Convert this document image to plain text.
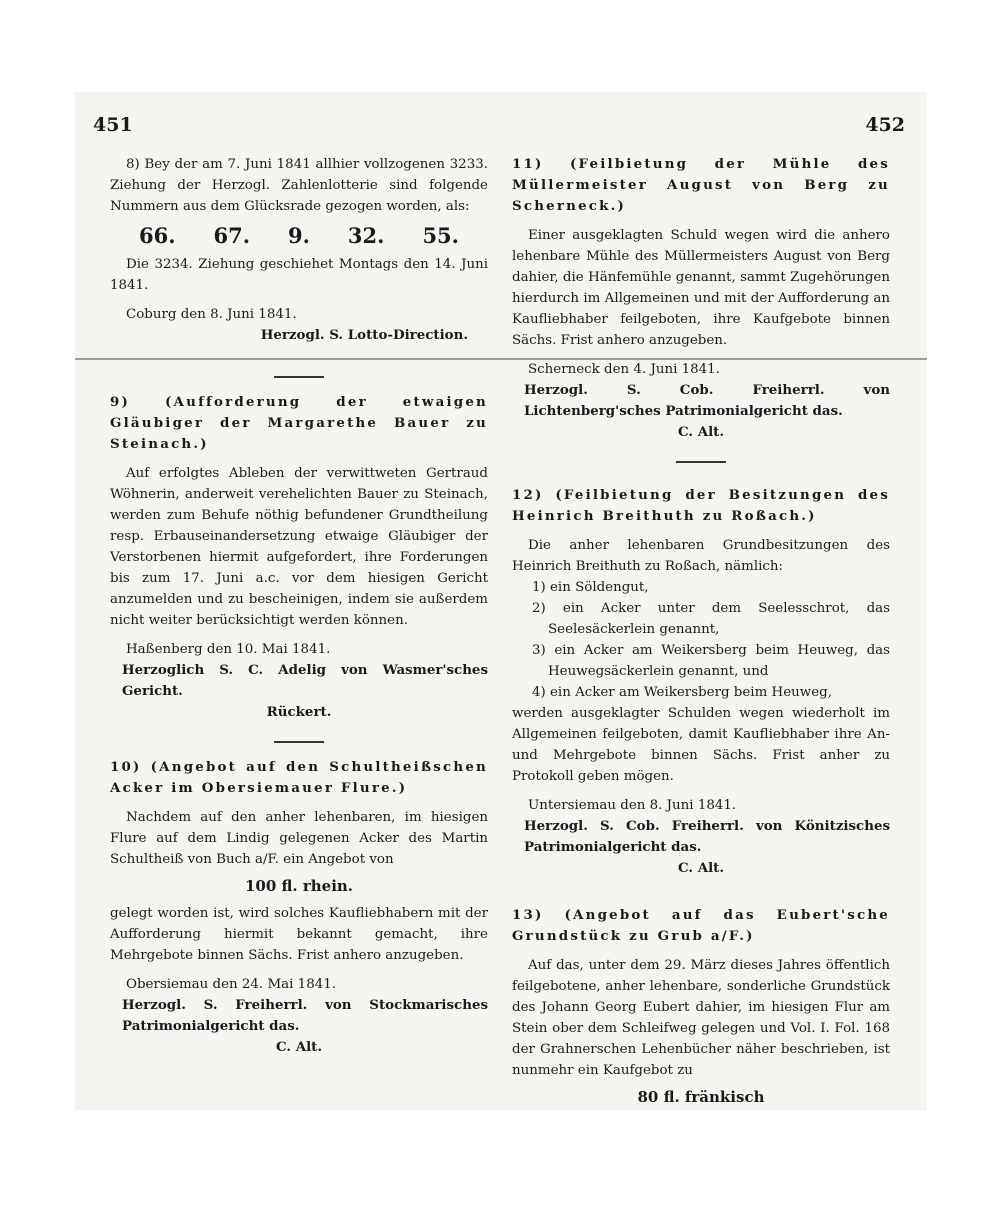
451	452

8) Bey der am 7. Juni 1841 allhier vollzogenen 3233. Ziehung der Herzogl. Zahlenlotterie sind folgende Nummern aus dem Glücksrade gezogen worden, als:

66. 67. 9. 32. 55.

Die 3234. Ziehung geschiehet Montags den 14. Juni 1841.

Coburg den 8. Juni 1841.

Herzogl. S. Lotto-Direction.

9) (Aufforderung der etwaigen Gläubiger der Margarethe Bauer zu Steinach.)

Auf erfolgtes Ableben der verwittweten Gertraud Wöhnerin, anderweit verehelichten Bauer zu Steinach, werden zum Behufe nöthig befundener Grundtheilung resp. Erbauseinandersetzung etwaige Gläubiger der Verstorbenen hiermit aufgefordert, ihre Forderungen bis zum 17. Juni a.c. vor dem hiesigen Gericht anzumelden und zu bescheinigen, indem sie außerdem nicht weiter berücksichtigt werden können.

Haßenberg den 10. Mai 1841.

Herzoglich S. C. Adelig von Wasmer'sches Gericht.

Rückert.

10) (Angebot auf den Schultheißschen Acker im Obersiemauer Flure.)

Nachdem auf den anher lehenbaren, im hiesigen Flure auf dem Lindig gelegenen Acker des Martin Schultheiß von Buch a/F. ein Angebot von

100 fl. rhein.

gelegt worden ist, wird solches Kaufliebhabern mit der Aufforderung hiermit bekannt gemacht, ihre Mehrgebote binnen Sächs. Frist anhero anzugeben.

Obersiemau den 24. Mai 1841.

Herzogl. S. Freiherrl. von Stockmarisches Patrimonialgericht das.

C. Alt.

11) (Feilbietung der Mühle des Müllermeister August von Berg zu Scherneck.)

Einer ausgeklagten Schuld wegen wird die anhero lehenbare Mühle des Müllermeisters August von Berg dahier, die Hänfemühle genannt, sammt Zugehörungen hierdurch im Allgemeinen und mit der Aufforderung an Kaufliebhaber feilgeboten, ihre Kaufgebote binnen Sächs. Frist anhero anzugeben.

Scherneck den 4. Juni 1841.

Herzogl. S. Cob. Freiherrl. von Lichtenberg'sches Patrimonialgericht das.

C. Alt.

12) (Feilbietung der Besitzungen des Heinrich Breithuth zu Roßach.)

Die anher lehenbaren Grundbesitzungen des Heinrich Breithuth zu Roßach, nämlich:

1) ein Söldengut,

2) ein Acker unter dem Seelesschrot, das Seelesäckerlein genannt,

3) ein Acker am Weikersberg beim Heuweg, das Heuwegsäckerlein genannt, und

4) ein Acker am Weikersberg beim Heuweg,

werden ausgeklagter Schulden wegen wiederholt im Allgemeinen feilgeboten, damit Kaufliebhaber ihre An- und Mehrgebote binnen Sächs. Frist anher zu Protokoll geben mögen.

Untersiemau den 8. Juni 1841.

Herzogl. S. Cob. Freiherrl. von Könitzisches Patrimonialgericht das.

C. Alt.

13) (Angebot auf das Eubert'sche Grundstück zu Grub a/F.)

Auf das, unter dem 29. März dieses Jahres öffentlich feilgebotene, anher lehenbare, sonderliche Grundstück des Johann Georg Eubert dahier, im hiesigen Flur am Stein ober dem Schleifweg gelegen und Vol. I. Fol. 168 der Grahnerschen Lehenbücher näher beschrieben, ist nunmehr ein Kaufgebot zu

80 fl. fränkisch
